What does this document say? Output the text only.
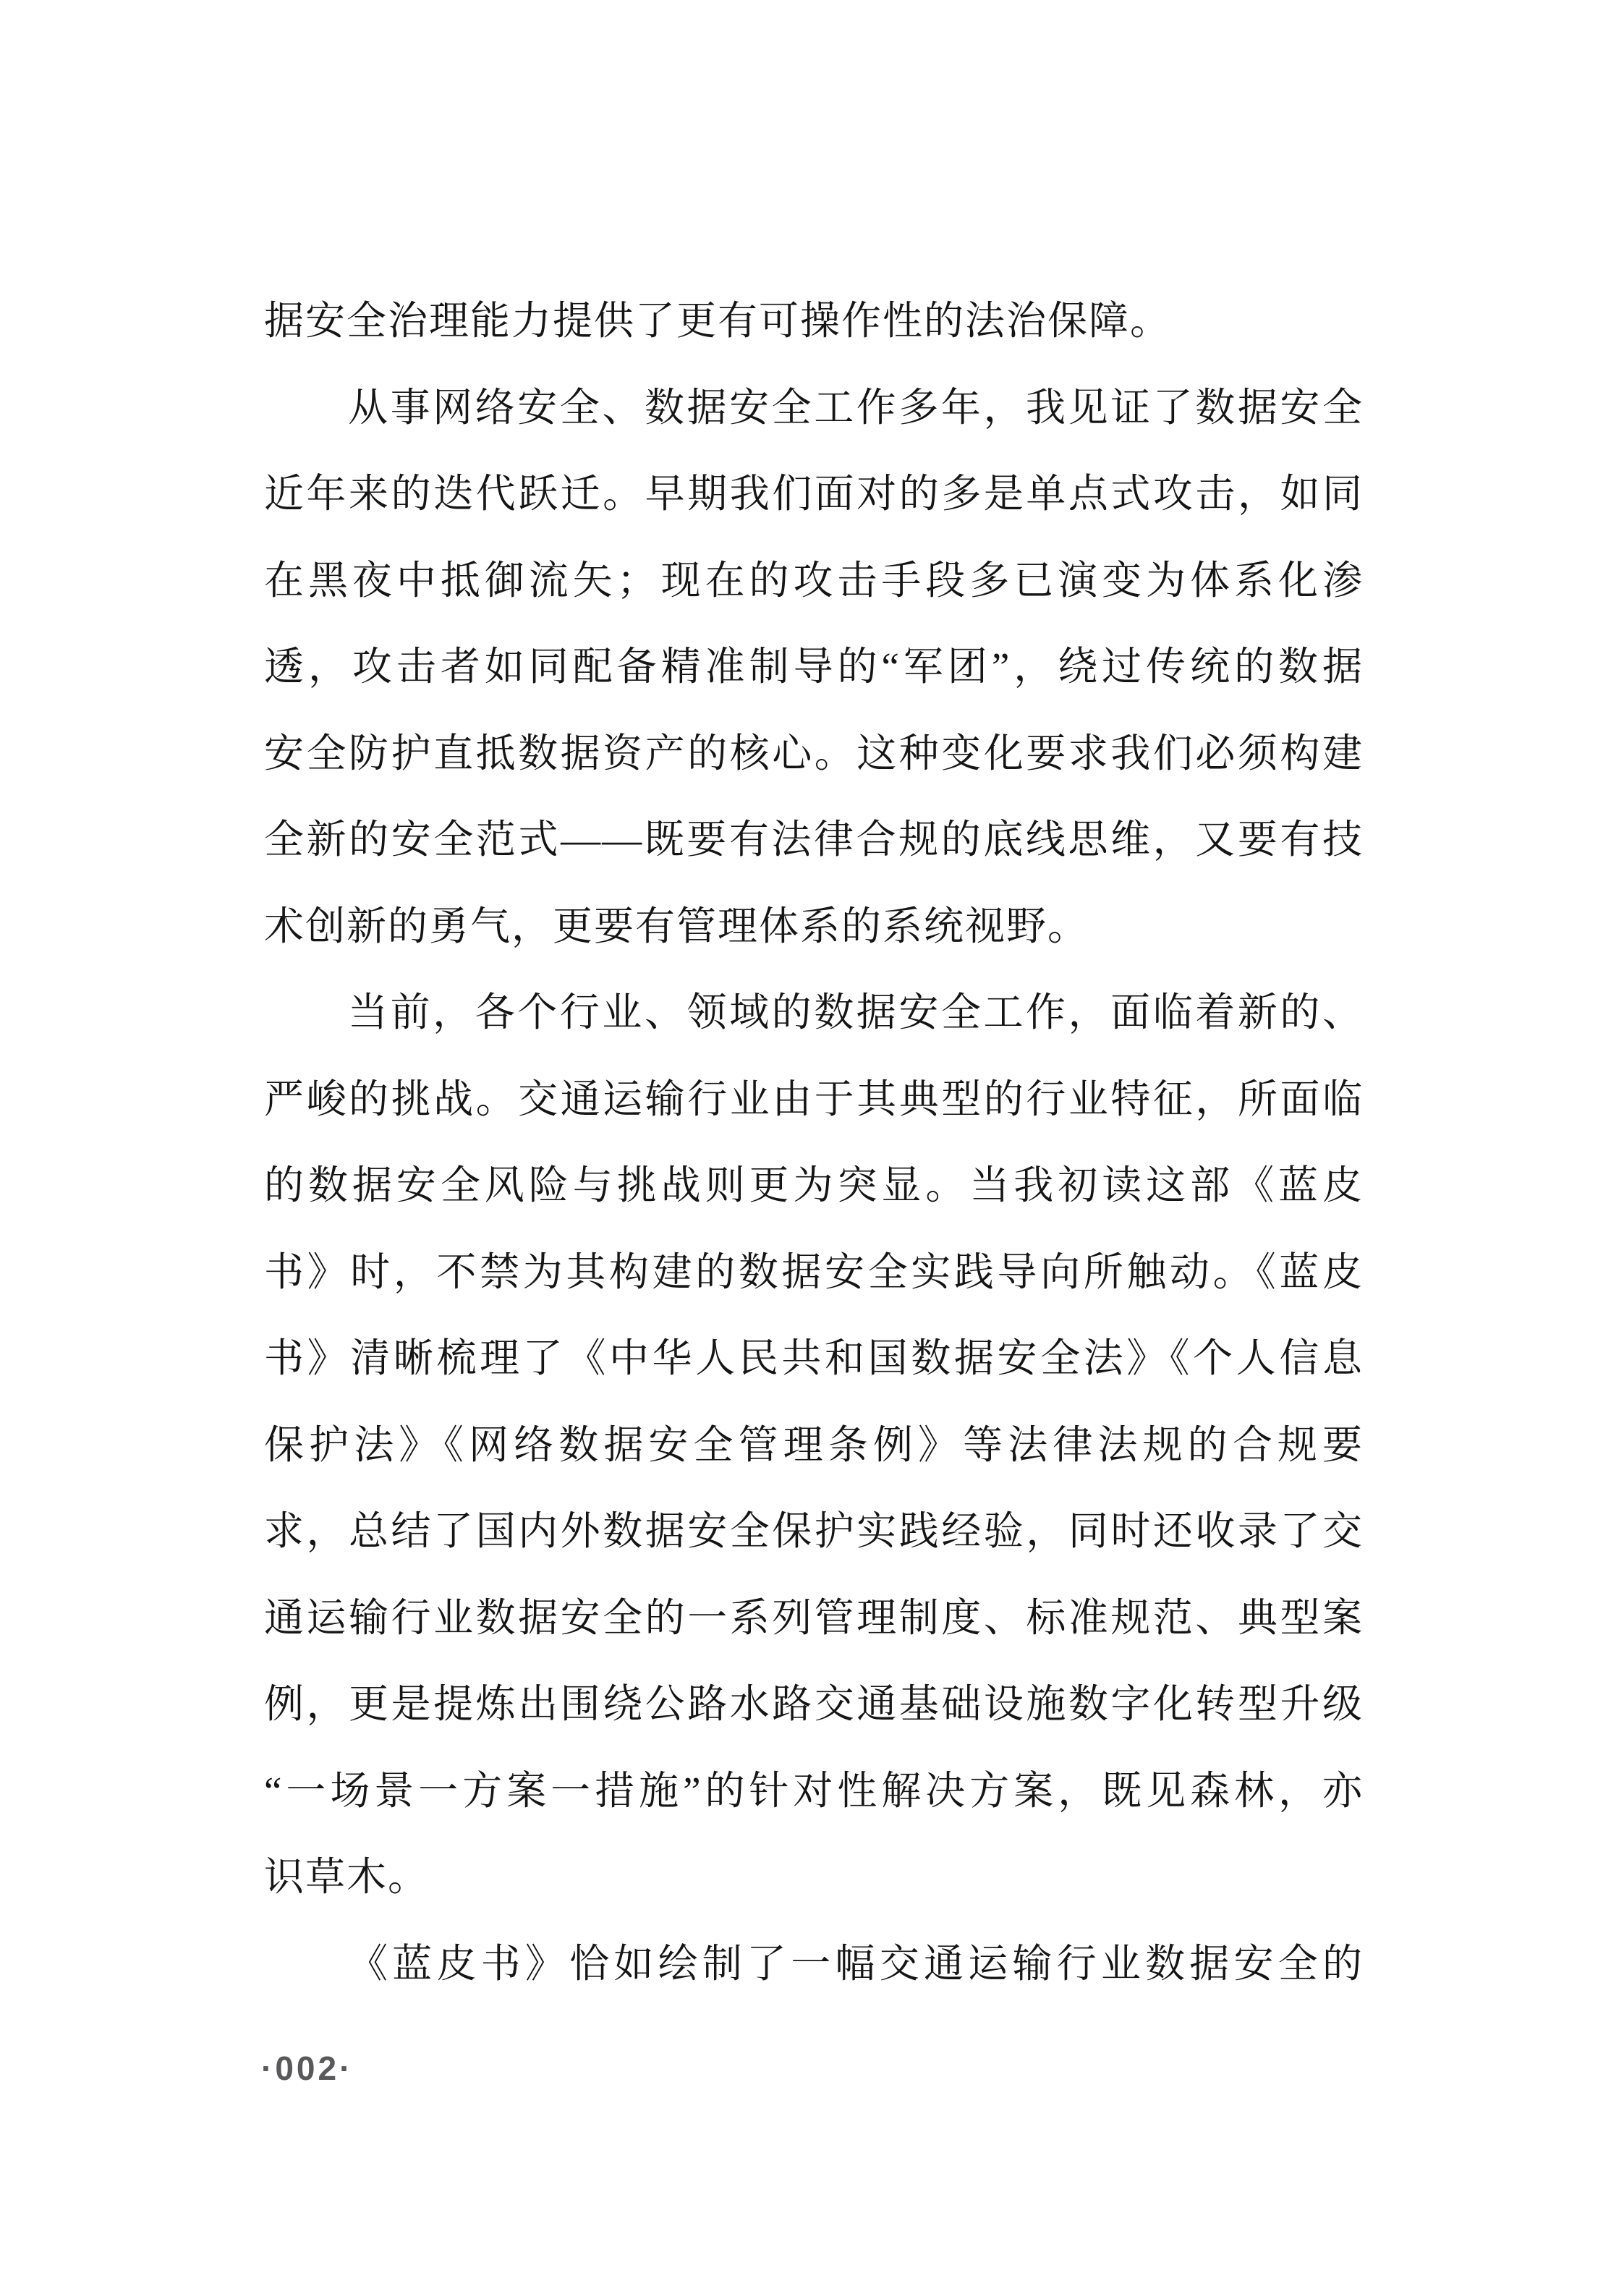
据安全治理能力提供了更有可操作性的法治保障。
从事网络安全、数据安全工作多年，我见证了数据安全
近年来的迭代跃迁。早期我们面对的多是单点式攻击，如同
在黑夜中抵御流矢；现在的攻击手段多已演变为体系化渗
透，攻击者如同配备精准制导的“军团”，绕过传统的数据
安全防护直抵数据资产的核心。这种变化要求我们必须构建
全新的安全范式——既要有法律合规的底线思维，又要有技
术创新的勇气，更要有管理体系的系统视野。
当前，各个行业、领域的数据安全工作，面临着新的、
严峻的挑战。交通运输行业由于其典型的行业特征，所面临
的数据安全风险与挑战则更为突显。当我初读这部《蓝皮
书》时，不禁为其构建的数据安全实践导向所触动。《蓝皮
书》清晰梳理了《中华人民共和国数据安全法》《个人信息
保护法》《网络数据安全管理条例》等法律法规的合规要
求，总结了国内外数据安全保护实践经验，同时还收录了交
通运输行业数据安全的一系列管理制度、标准规范、典型案
例，更是提炼出围绕公路水路交通基础设施数字化转型升级
“一场景一方案一措施”的针对性解决方案，既见森林，亦
识草木。
《蓝皮书》恰如绘制了一幅交通运输行业数据安全的
·002·
